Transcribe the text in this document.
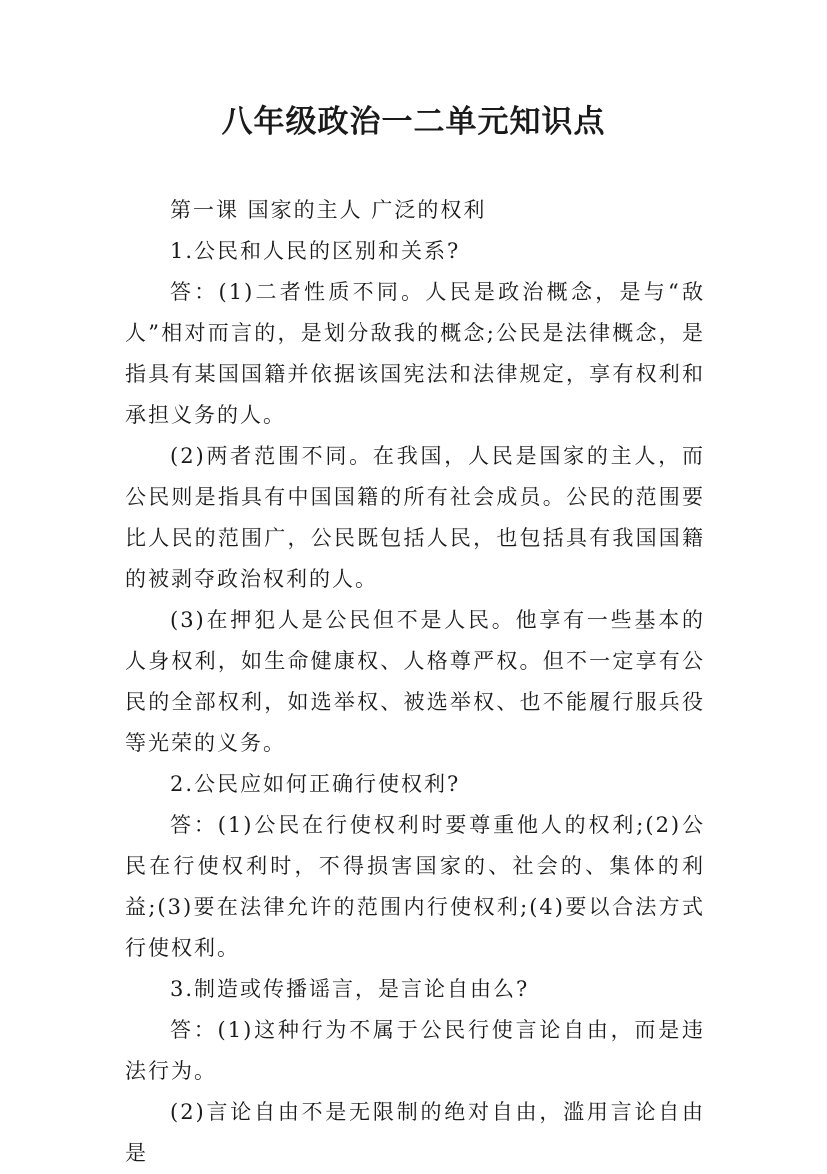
八年级政治一二单元知识点

第一课 国家的主人 广泛的权利

1.公民和人民的区别和关系?

答：(1)二者性质不同。人民是政治概念，是与“敌人”相对而言的，是划分敌我的概念;公民是法律概念，是指具有某国国籍并依据该国宪法和法律规定，享有权利和承担义务的人。

(2)两者范围不同。在我国，人民是国家的主人，而公民则是指具有中国国籍的所有社会成员。公民的范围要比人民的范围广，公民既包括人民，也包括具有我国国籍的被剥夺政治权利的人。

(3)在押犯人是公民但不是人民。他享有一些基本的人身权利，如生命健康权、人格尊严权。但不一定享有公民的全部权利，如选举权、被选举权、也不能履行服兵役等光荣的义务。

2.公民应如何正确行使权利?

答：(1)公民在行使权利时要尊重他人的权利;(2)公民在行使权利时，不得损害国家的、社会的、集体的利益;(3)要在法律允许的范围内行使权利;(4)要以合法方式行使权利。

3.制造或传播谣言，是言论自由么?

答：(1)这种行为不属于公民行使言论自由，而是违法行为。

(2)言论自由不是无限制的绝对自由，滥用言论自由是
